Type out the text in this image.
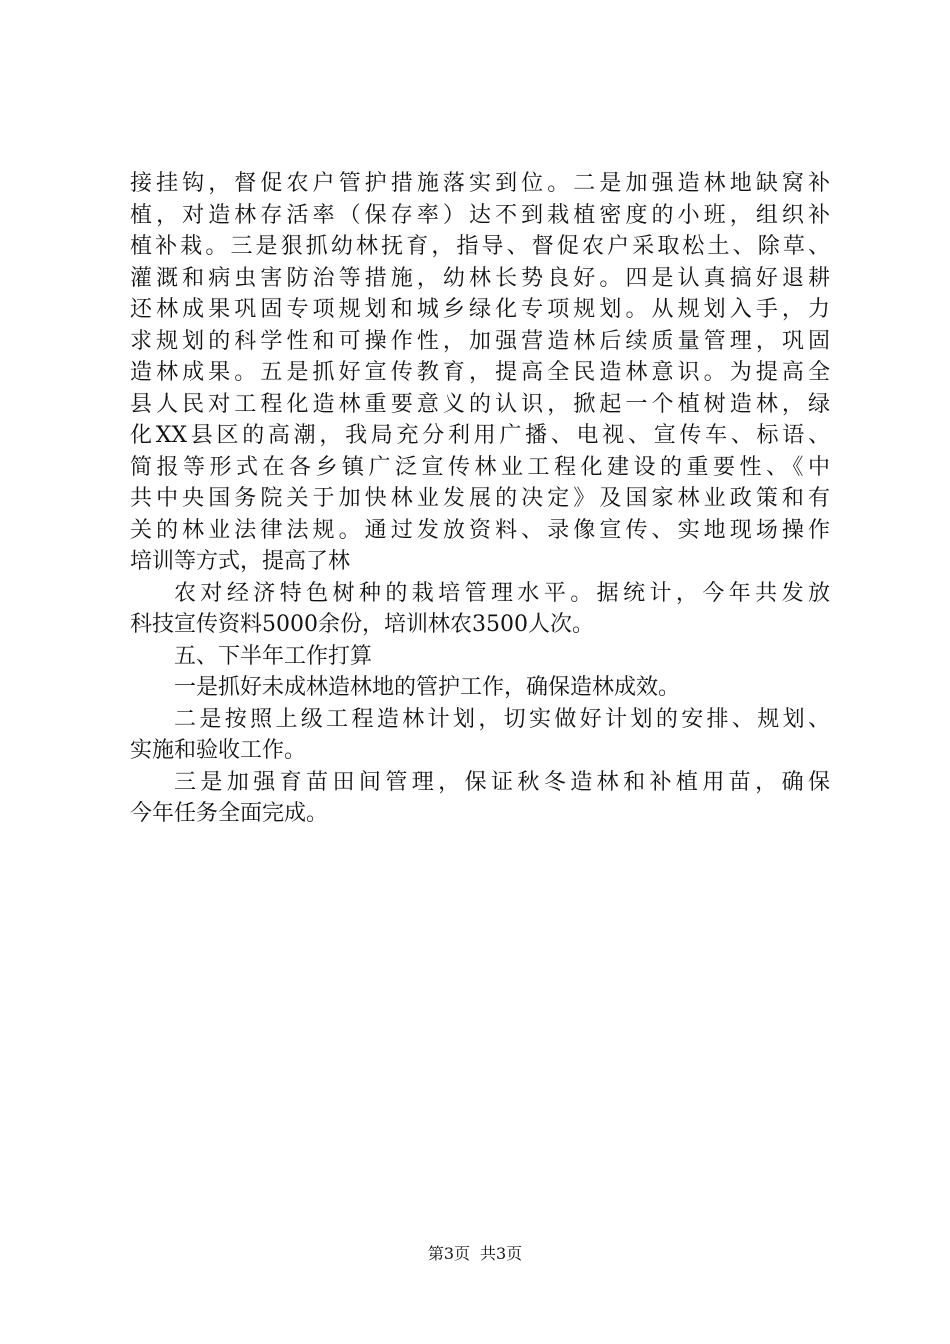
接挂钩，督促农户管护措施落实到位。二是加强造林地缺窝补
植，对造林存活率（保存率）达不到栽植密度的小班，组织补
植补栽。三是狠抓幼林抚育，指导、督促农户采取松土、除草、
灌溉和病虫害防治等措施，幼林长势良好。四是认真搞好退耕
还林成果巩固专项规划和城乡绿化专项规划。从规划入手，力
求规划的科学性和可操作性，加强营造林后续质量管理，巩固
造林成果。五是抓好宣传教育，提高全民造林意识。为提高全
县人民对工程化造林重要意义的认识，掀起一个植树造林，绿
化XX县区的高潮，我局充分利用广播、电视、宣传车、标语、
简报等形式在各乡镇广泛宣传林业工程化建设的重要性、《中
共中央国务院关于加快林业发展的决定》及国家林业政策和有
关的林业法律法规。通过发放资料、录像宣传、实地现场操作
培训等方式，提高了林
农对经济特色树种的栽培管理水平。据统计，今年共发放
科技宣传资料5000余份，培训林农3500人次。
五、下半年工作打算
一是抓好未成林造林地的管护工作，确保造林成效。
二是按照上级工程造林计划，切实做好计划的安排、规划、
实施和验收工作。
三是加强育苗田间管理，保证秋冬造林和补植用苗，确保
今年任务全面完成。
第3页 共3页
